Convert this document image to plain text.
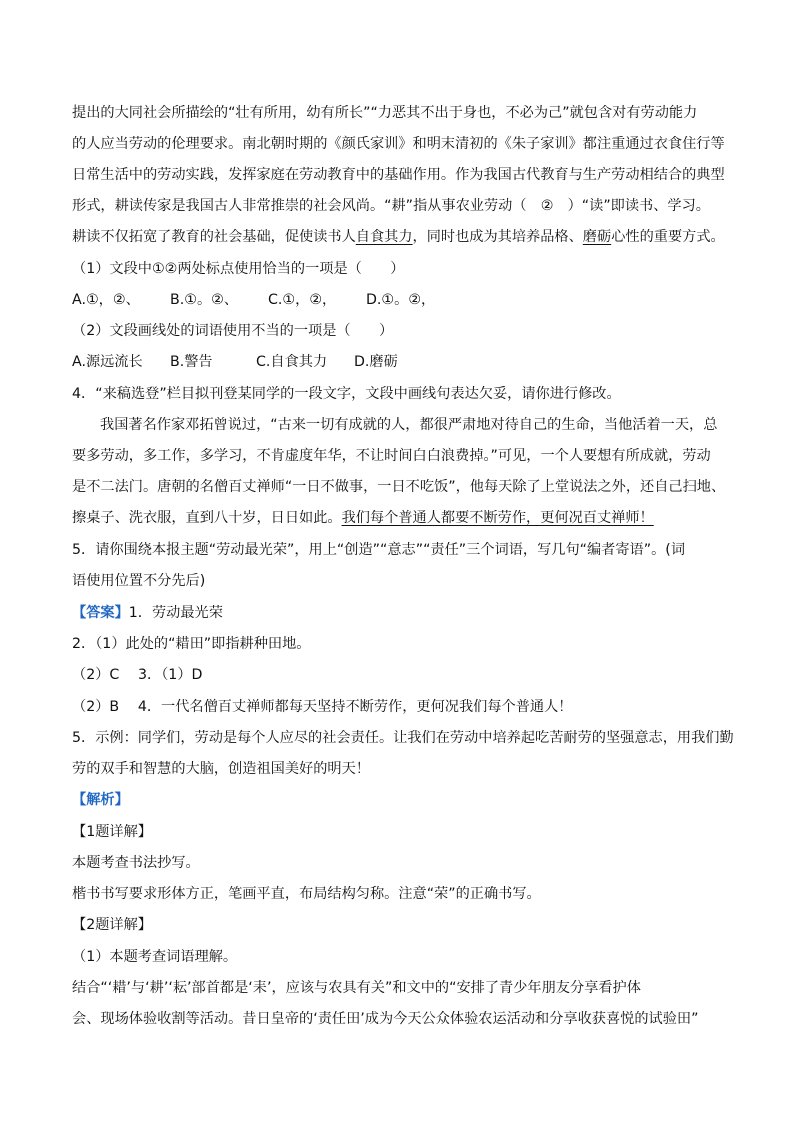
提出的大同社会所描绘的“壮有所用，幼有所长”“力恶其不出于身也，不必为己”就包含对有劳动能力
的人应当劳动的伦理要求。南北朝时期的《颜氏家训》和明末清初的《朱子家训》都注重通过衣食住行等
日常生活中的劳动实践，发挥家庭在劳动教育中的基础作用。作为我国古代教育与生产劳动相结合的典型
形式，耕读传家是我国古人非常推崇的社会风尚。“耕”指从事农业劳动（　②　）“读”即读书、学习。
耕读不仅拓宽了教育的社会基础，促使读书人自食其力，同时也成为其培养品格、磨砺心性的重要方式。
（1）文段中①②两处标点使用恰当的一项是（　　）
A.①，②、 B.①。②、 C.①，②， D.①。②，
（2）文段画线处的词语使用不当的一项是（　　）
A.源远流长 B.警告	C.自食其力 D.磨砺
4．“来稿选登”栏目拟刊登某同学的一段文字，文段中画线句表达欠妥，请你进行修改。
我国著名作家邓拓曾说过，“古来一切有成就的人，都很严肃地对待自己的生命，当他活着一天，总
要多劳动，多工作，多学习，不肯虚度年华，不让时间白白浪费掉。”可见，一个人要想有所成就，劳动
是不二法门。唐朝的名僧百丈禅师“一日不做事，一日不吃饭”，他每天除了上堂说法之外，还自己扫地、
擦桌子、洗衣服，直到八十岁，日日如此。我们每个普通人都要不断劳作，更何况百丈禅师！
5．请你围绕本报主题“劳动最光荣”，用上“创造”“意志”“责任”三个词语，写几句“编者寄语”。(词
语使用位置不分先后)
【答案】1．劳动最光荣
2．（1）此处的“耤田”即指耕种田地。
（2）C　 3．（1）D
（2）B　 4．一代名僧百丈禅师都每天坚持不断劳作，更何况我们每个普通人！
5．示例：同学们，劳动是每个人应尽的社会责任。让我们在劳动中培养起吃苦耐劳的坚强意志，用我们勤
劳的双手和智慧的大脑，创造祖国美好的明天！
【解析】
【1题详解】
本题考查书法抄写。
楷书书写要求形体方正，笔画平直，布局结构匀称。注意“荣”的正确书写。
【2题详解】
（1）本题考查词语理解。
结合“‘耤’与‘耕’‘耘’部首都是‘耒’，应该与农具有关”和文中的“安排了青少年朋友分享看护体
会、现场体验收割等活动。昔日皇帝的‘责任田’成为今天公众体验农运活动和分享收获喜悦的试验田”
